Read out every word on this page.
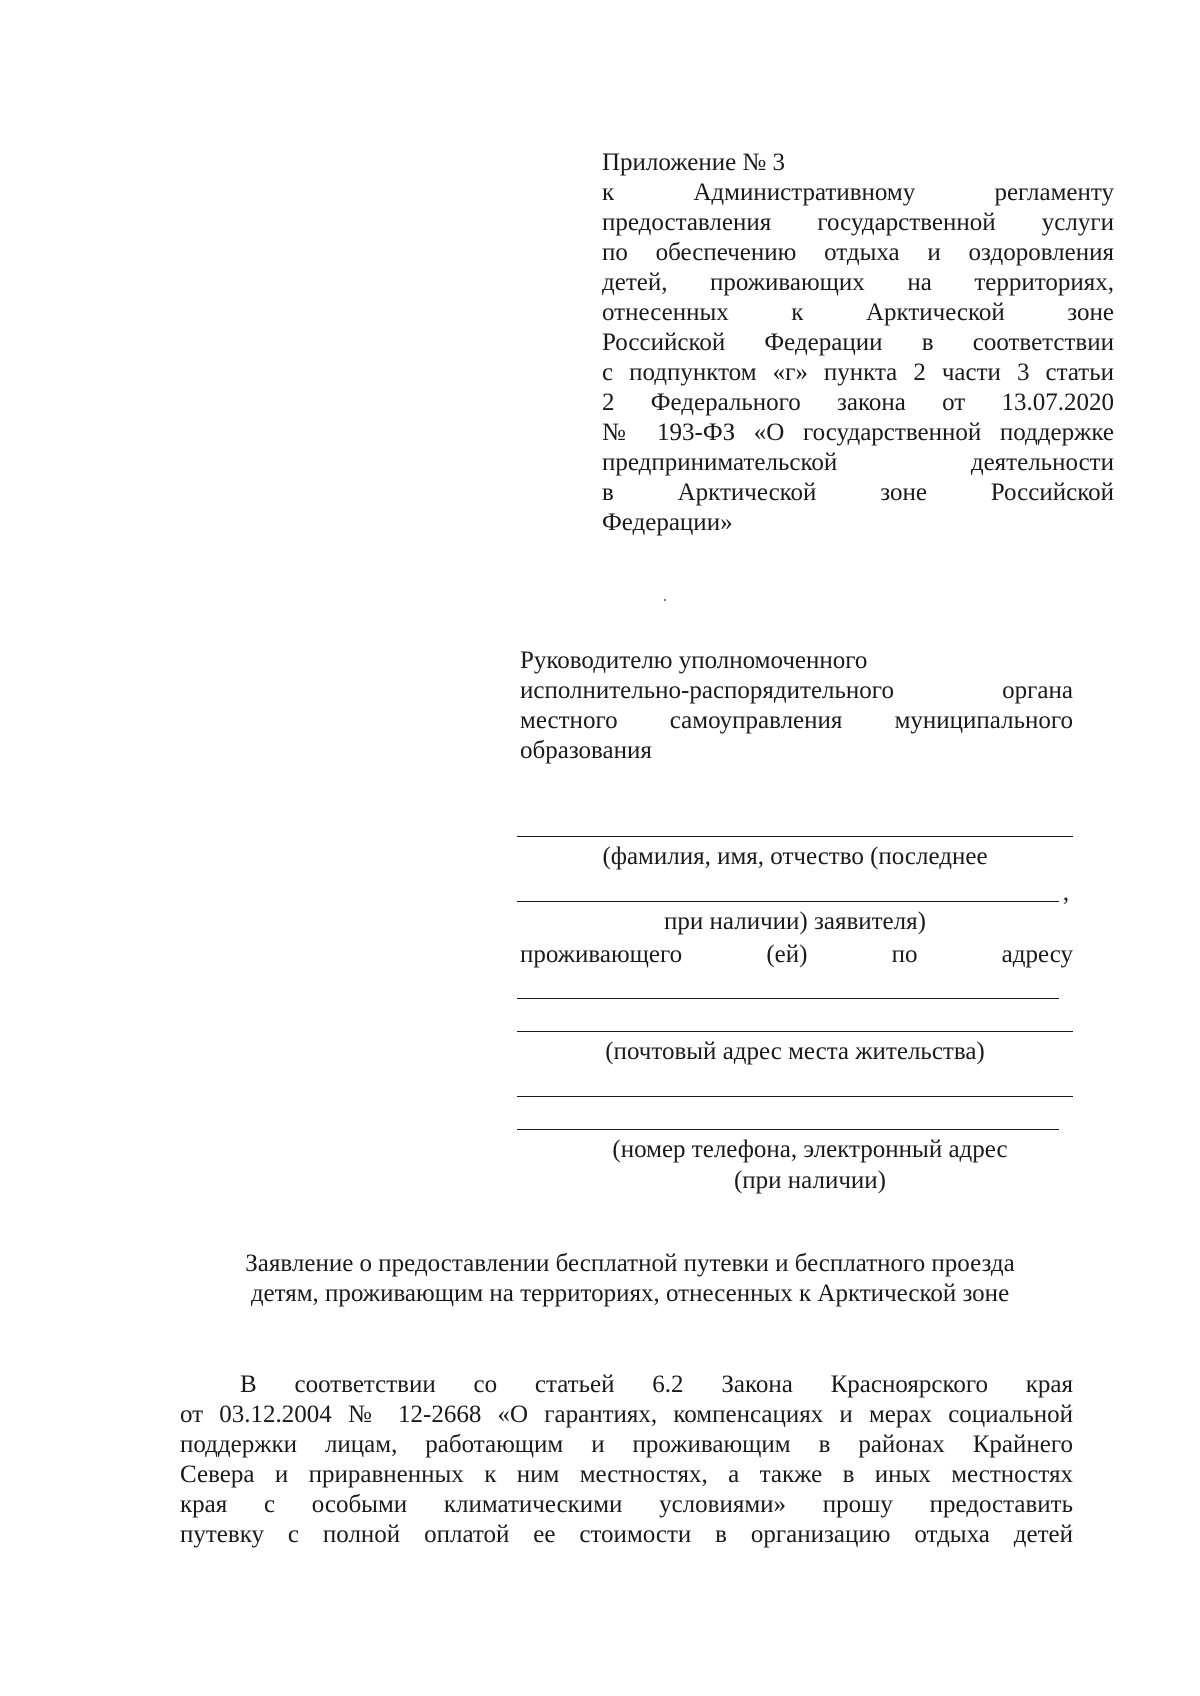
Приложение № 3
к Административному регламенту
предоставления государственной услуги
по обеспечению отдыха и оздоровления
детей, проживающих на территориях,
отнесенных к Арктической зоне
Российской Федерации в соответствии
с подпунктом «г» пункта 2 части 3 статьи
2 Федерального закона от 13.07.2020
№ 193-ФЗ «О государственной поддержке
предпринимательской деятельности
в Арктической зоне Российской
Федерации»
Руководителю уполномоченного
исполнительно-распорядительного органа
местного самоуправления муниципального
образования
(фамилия, имя, отчество (последнее
,
при наличии) заявителя)
проживающего (ей) по адресу
(почтовый адрес места жительства)
(номер телефона, электронный адрес
(при наличии)
Заявление о предоставлении бесплатной путевки и бесплатного проезда
детям, проживающим на территориях, отнесенных к Арктической зоне
В соответствии со статьей 6.2 Закона Красноярского края
от 03.12.2004 № 12-2668 «О гарантиях, компенсациях и мерах социальной
поддержки лицам, работающим и проживающим в районах Крайнего
Севера и приравненных к ним местностях, а также в иных местностях
края с особыми климатическими условиями» прошу предоставить
путевку с полной оплатой ее стоимости в организацию отдыха детей
